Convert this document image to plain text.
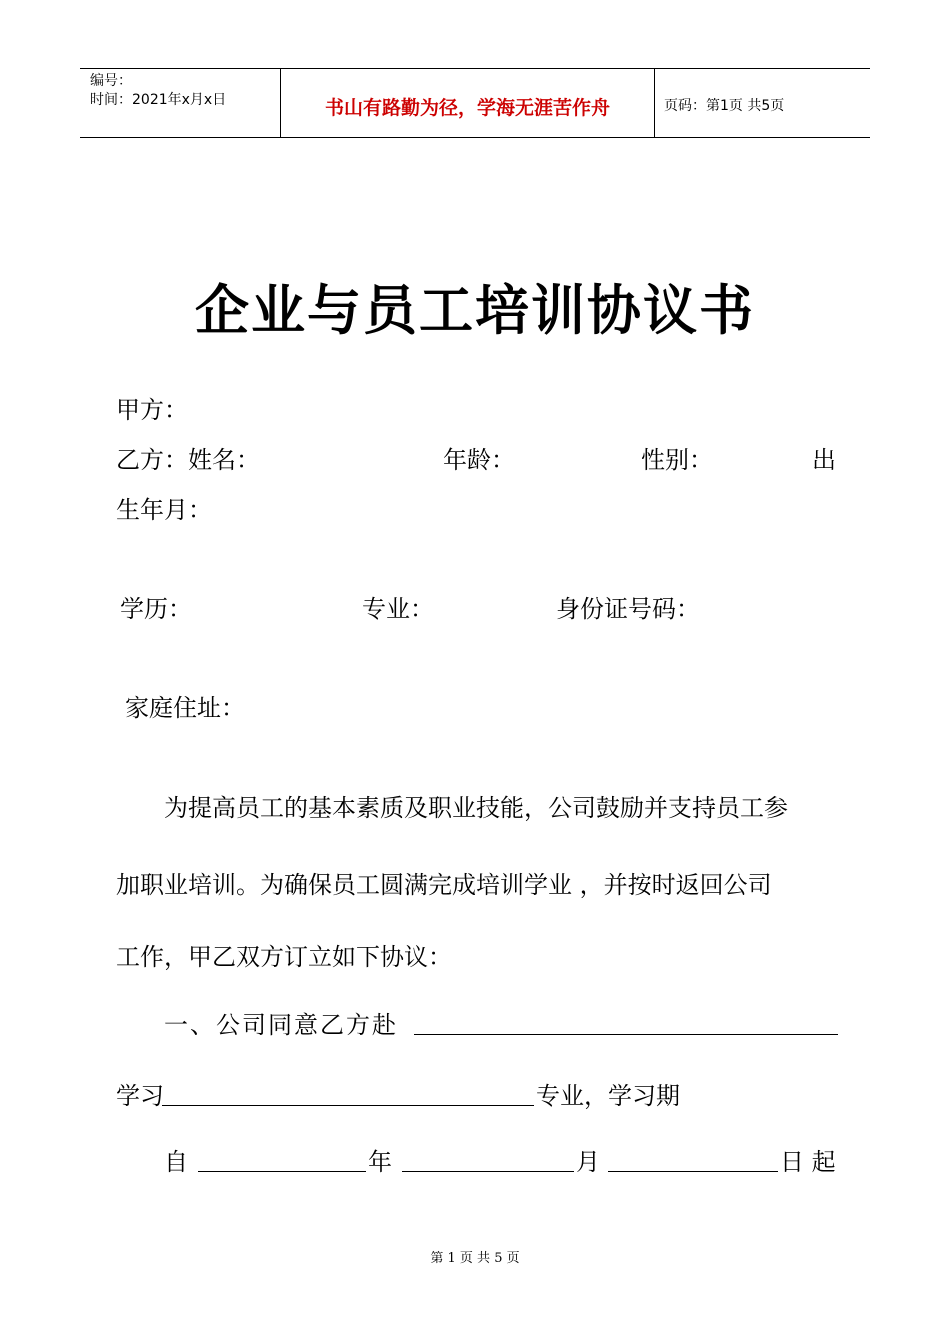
编号：
时间：2021年x月x日	书山有路勤为径，学海无涯苦作舟	页码：第1页 共5页
企业与员工培训协议书
甲方：
乙方：姓名：	年龄：	性别：	出
生年月：
学历：	专业：	身份证号码：
家庭住址：
为提高员工的基本素质及职业技能，公司鼓励并支持员工参
加职业培训。为确保员工圆满完成培训学业 ，并按时返回公司
工作，甲乙双方订立如下协议：
一、公司同意乙方赴
学习	专业，学习期
自	年	月	日 起
第 1 页 共 5 页
